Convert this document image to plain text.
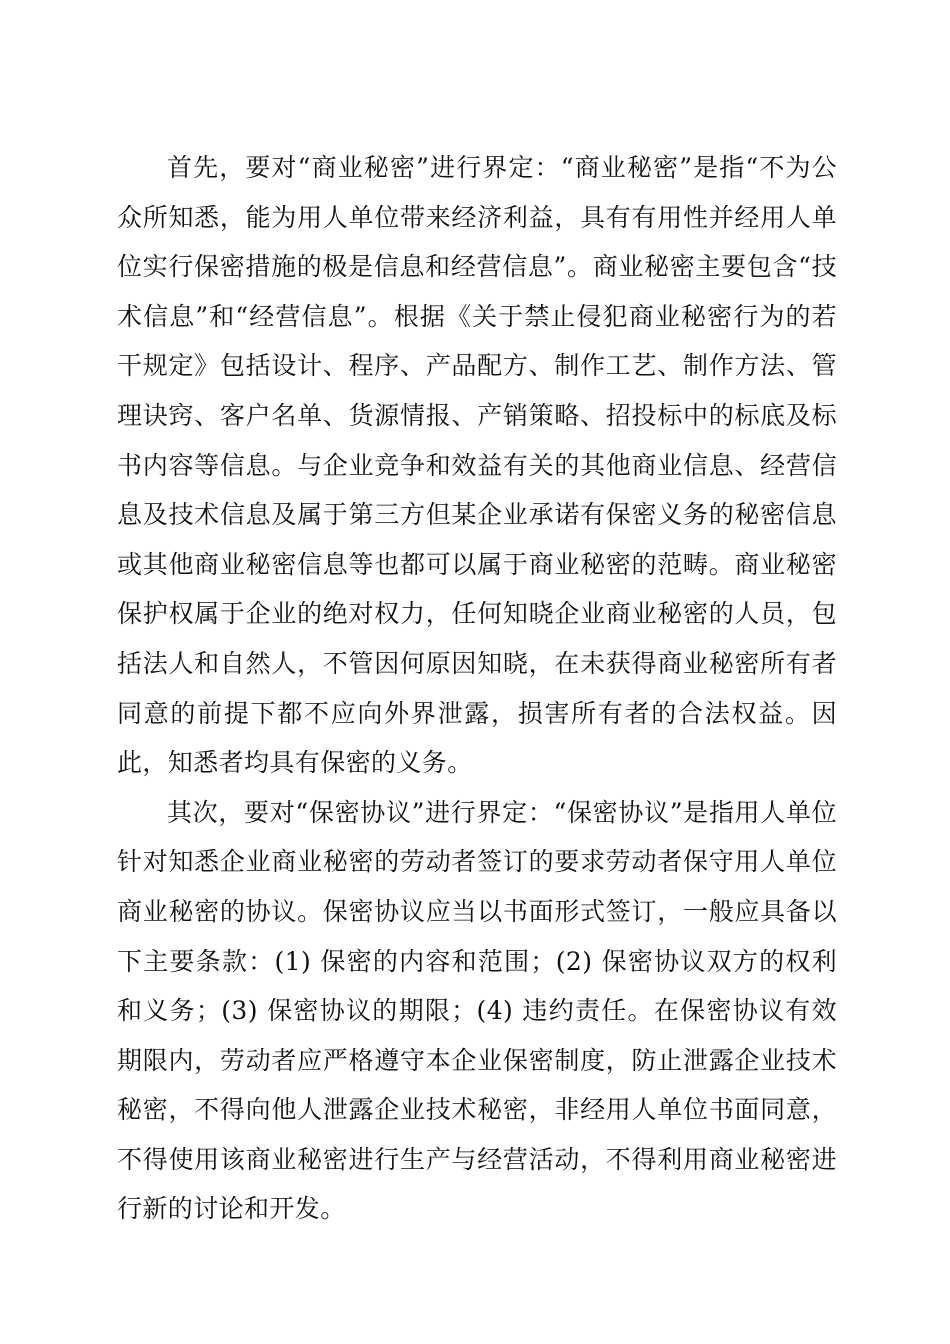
首先，要对“商业秘密”进行界定：“商业秘密”是指“不为公众所知悉，能为用人单位带来经济利益，具有有用性并经用人单位实行保密措施的极是信息和经营信息”。商业秘密主要包含“技术信息”和“经营信息”。根据《关于禁止侵犯商业秘密行为的若干规定》包括设计、程序、产品配方、制作工艺、制作方法、管理诀窍、客户名单、货源情报、产销策略、招投标中的标底及标书内容等信息。与企业竞争和效益有关的其他商业信息、经营信息及技术信息及属于第三方但某企业承诺有保密义务的秘密信息或其他商业秘密信息等也都可以属于商业秘密的范畴。商业秘密保护权属于企业的绝对权力，任何知晓企业商业秘密的人员，包括法人和自然人，不管因何原因知晓，在未获得商业秘密所有者同意的前提下都不应向外界泄露，损害所有者的合法权益。因此，知悉者均具有保密的义务。

其次，要对“保密协议”进行界定：“保密协议”是指用人单位针对知悉企业商业秘密的劳动者签订的要求劳动者保守用人单位商业秘密的协议。保密协议应当以书面形式签订，一般应具备以下主要条款：(1) 保密的内容和范围；(2) 保密协议双方的权利和义务；(3) 保密协议的期限；(4) 违约责任。在保密协议有效期限内，劳动者应严格遵守本企业保密制度，防止泄露企业技术秘密，不得向他人泄露企业技术秘密，非经用人单位书面同意，不得使用该商业秘密进行生产与经营活动，不得利用商业秘密进行新的讨论和开发。
